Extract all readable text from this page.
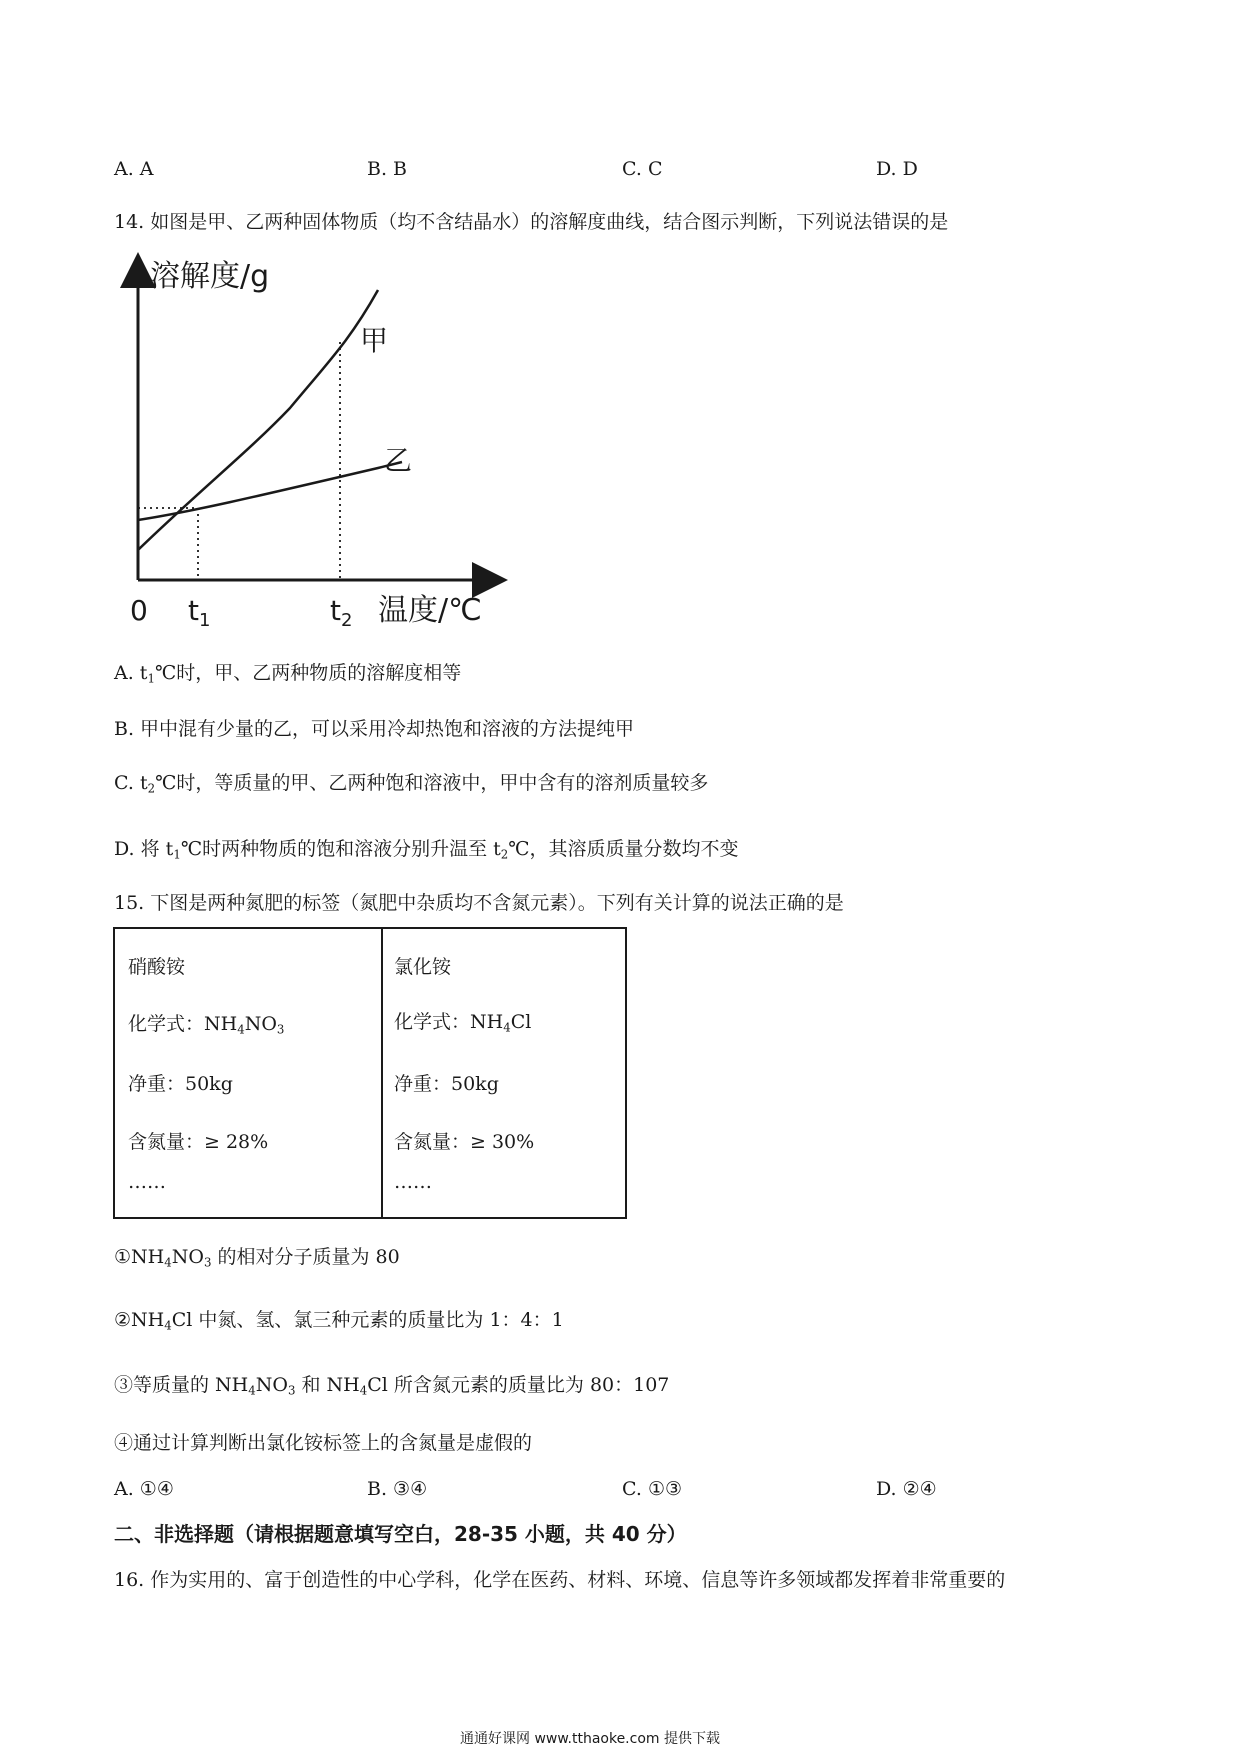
A. A	B. B	C. C	D. D
14. 如图是甲、乙两种固体物质（均不含结晶水）的溶解度曲线，结合图示判断，下列说法错误的是
溶解度/g
甲
乙
0 $t_1$	$t_2$ 温度/℃
A. $t_1℃$时，甲、乙两种物质的溶解度相等
B. 甲中混有少量的乙，可以采用冷却热饱和溶液的方法提纯甲
C. $t_2℃$时，等质量的甲、乙两种饱和溶液中，甲中含有的溶剂质量较多
D. 将 $t_1℃$时两种物质的饱和溶液分别升温至 $t_2℃$，其溶质质量分数均不变
15. 下图是两种氮肥的标签（氮肥中杂质均不含氮元素）。下列有关计算的说法正确的是
硝酸铵
化学式：$NH_4NO_3$
净重：50kg
含氮量：≥ 28%
……
氯化铵
化学式：$NH_4Cl$
净重：50kg
含氮量：≥ 30%
……
$①NH_4NO_3$ 的相对分子质量为 80
$②NH_4Cl$ 中氮、氢、氯三种元素的质量比为 1：4：1
③等质量的 $NH_4NO_3$ 和 $NH_4Cl$ 所含氮元素的质量比为 80：107
④通过计算判断出氯化铵标签上的含氮量是虚假的
A. ①④	B. ③④	C. ①③	D. ②④
二、非选择题（请根据题意填写空白，28-35 小题，共 40 分）
16. 作为实用的、富于创造性的中心学科，化学在医药、材料、环境、信息等许多领域都发挥着非常重要的
通通好课网 www.tthaoke.com 提供下载
